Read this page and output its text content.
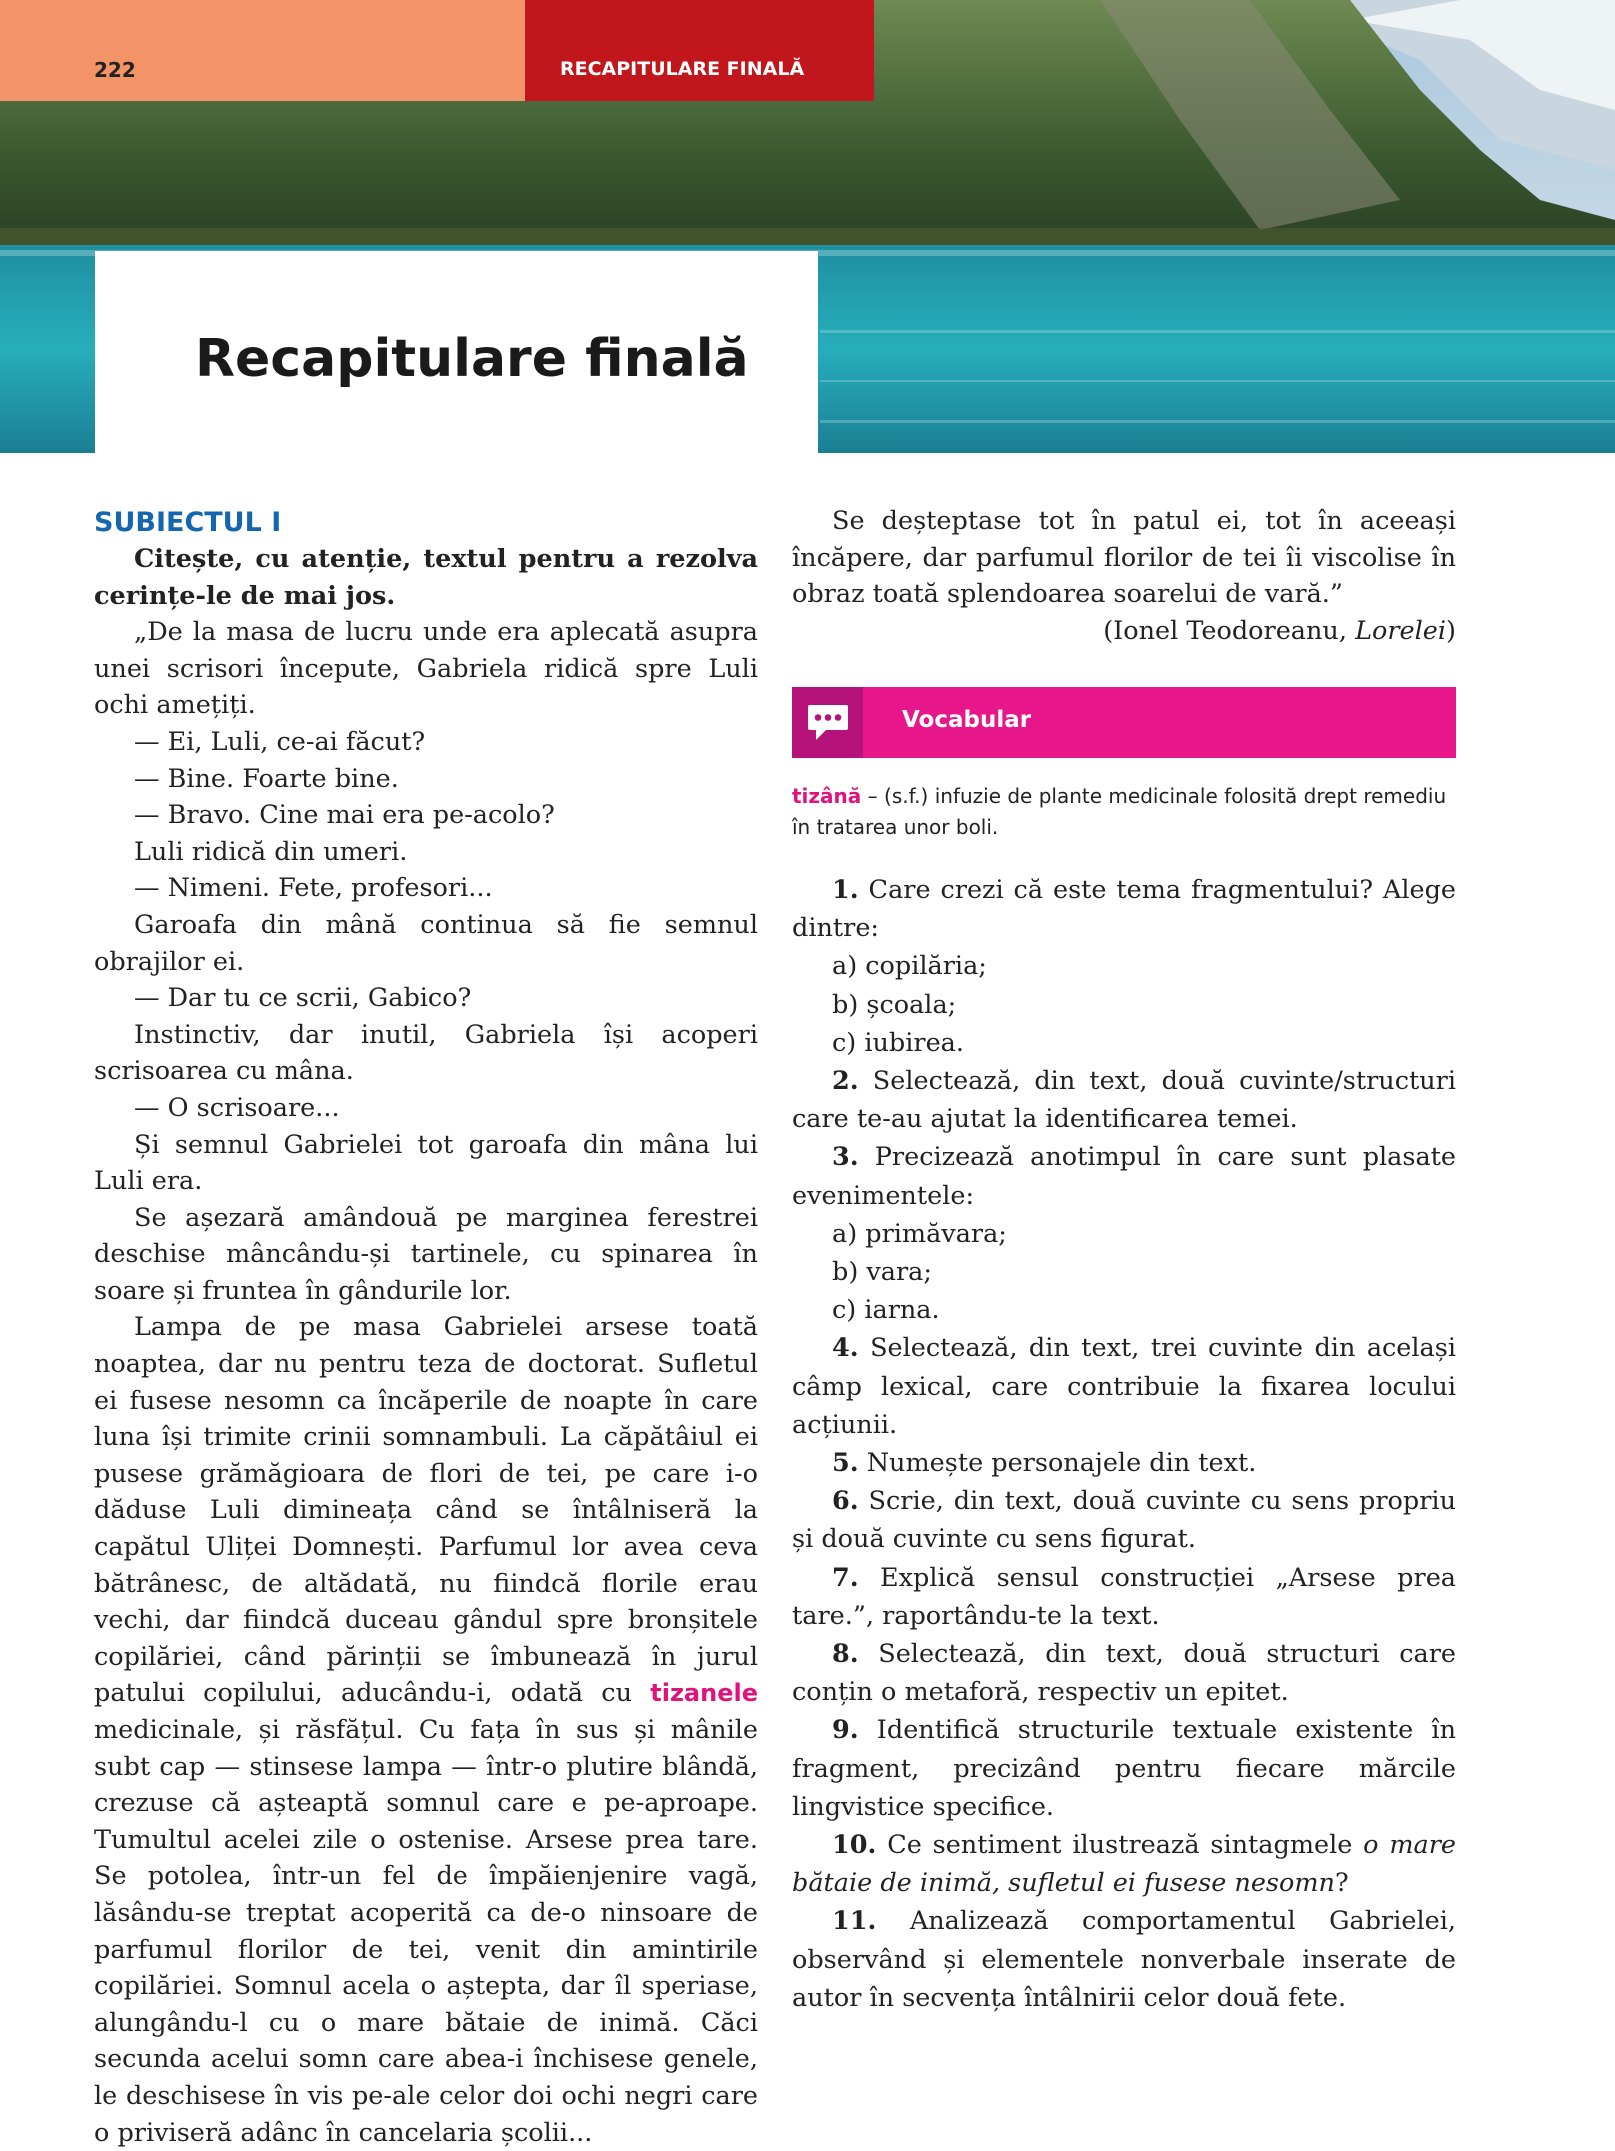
222	RECAPITULARE FINALĂ
Recapitulare finală

SUBIECTUL I

Citește, cu atenție, textul pentru a rezolva cerințe-le de mai jos.

„De la masa de lucru unde era aplecată asupra unei scrisori începute, Gabriela ridică spre Luli ochi amețiți.

— Ei, Luli, ce-ai făcut?

— Bine. Foarte bine.

— Bravo. Cine mai era pe-acolo?

Luli ridică din umeri.

— Nimeni. Fete, profesori...

Garoafa din mână continua să fie semnul obrajilor ei.

— Dar tu ce scrii, Gabico?

Instinctiv, dar inutil, Gabriela își acoperi scrisoarea cu mâna.

— O scrisoare...

Și semnul Gabrielei tot garoafa din mâna lui Luli era.

Se așezară amândouă pe marginea ferestrei deschise mâncându-și tartinele, cu spinarea în soare și fruntea în gândurile lor.

Lampa de pe masa Gabrielei arsese toată noaptea, dar nu pentru teza de doctorat. Sufletul ei fusese nesomn ca încăperile de noapte în care luna își trimite crinii somnambuli. La căpătâiul ei pusese grămăgioara de flori de tei, pe care i-o dăduse Luli dimineața când se întâlniseră la capătul Uliței Domnești. Parfumul lor avea ceva bătrânesc, de altădată, nu fiindcă florile erau vechi, dar fiindcă duceau gândul spre bronșitele copilăriei, când părinții se îmbunează în jurul patului copilului, aducându-i, odată cu tizanele medicinale, și răsfățul. Cu fața în sus și mânile subt cap — stinsese lampa — într-o plutire blândă, crezuse că așteaptă somnul care e pe-aproape. Tumultul acelei zile o ostenise. Arsese prea tare. Se potolea, într-un fel de împăienjenire vagă, lăsându-se treptat acoperită ca de-o ninsoare de parfumul florilor de tei, venit din amintirile copilăriei. Somnul acela o aștepta, dar îl speriase, alungându-l cu o mare bătaie de inimă. Căci secunda acelui somn care abea-i închisese genele, le deschisese în vis pe-ale celor doi ochi negri care o priviseră adânc în cancelaria școlii...

Se deșteptase tot în patul ei, tot în aceeași încăpere, dar parfumul florilor de tei îi viscolise în obraz toată splendoarea soarelui de vară.”

(Ionel Teodoreanu, Lorelei)

Vocabular

tizână – (s.f.) infuzie de plante medicinale folosită drept remediu în tratarea unor boli.

1. Care crezi că este tema fragmentului? Alege dintre:

a) copilăria;

b) școala;

c) iubirea.

2. Selectează, din text, două cuvinte/structuri care te-au ajutat la identificarea temei.

3. Precizează anotimpul în care sunt plasate evenimentele:

a) primăvara;

b) vara;

c) iarna.

4. Selectează, din text, trei cuvinte din același câmp lexical, care contribuie la fixarea locului acțiunii.

5. Numește personajele din text.

6. Scrie, din text, două cuvinte cu sens propriu și două cuvinte cu sens figurat.

7. Explică sensul construcției „Arsese prea tare.”, raportându-te la text.

8. Selectează, din text, două structuri care conțin o metaforă, respectiv un epitet.

9. Identifică structurile textuale existente în fragment, precizând pentru fiecare mărcile lingvistice specifice.

10. Ce sentiment ilustrează sintagmele o mare bătaie de inimă, sufletul ei fusese nesomn?

11. Analizează comportamentul Gabrielei, observând și elementele nonverbale inserate de autor în secvența întâlnirii celor două fete.
